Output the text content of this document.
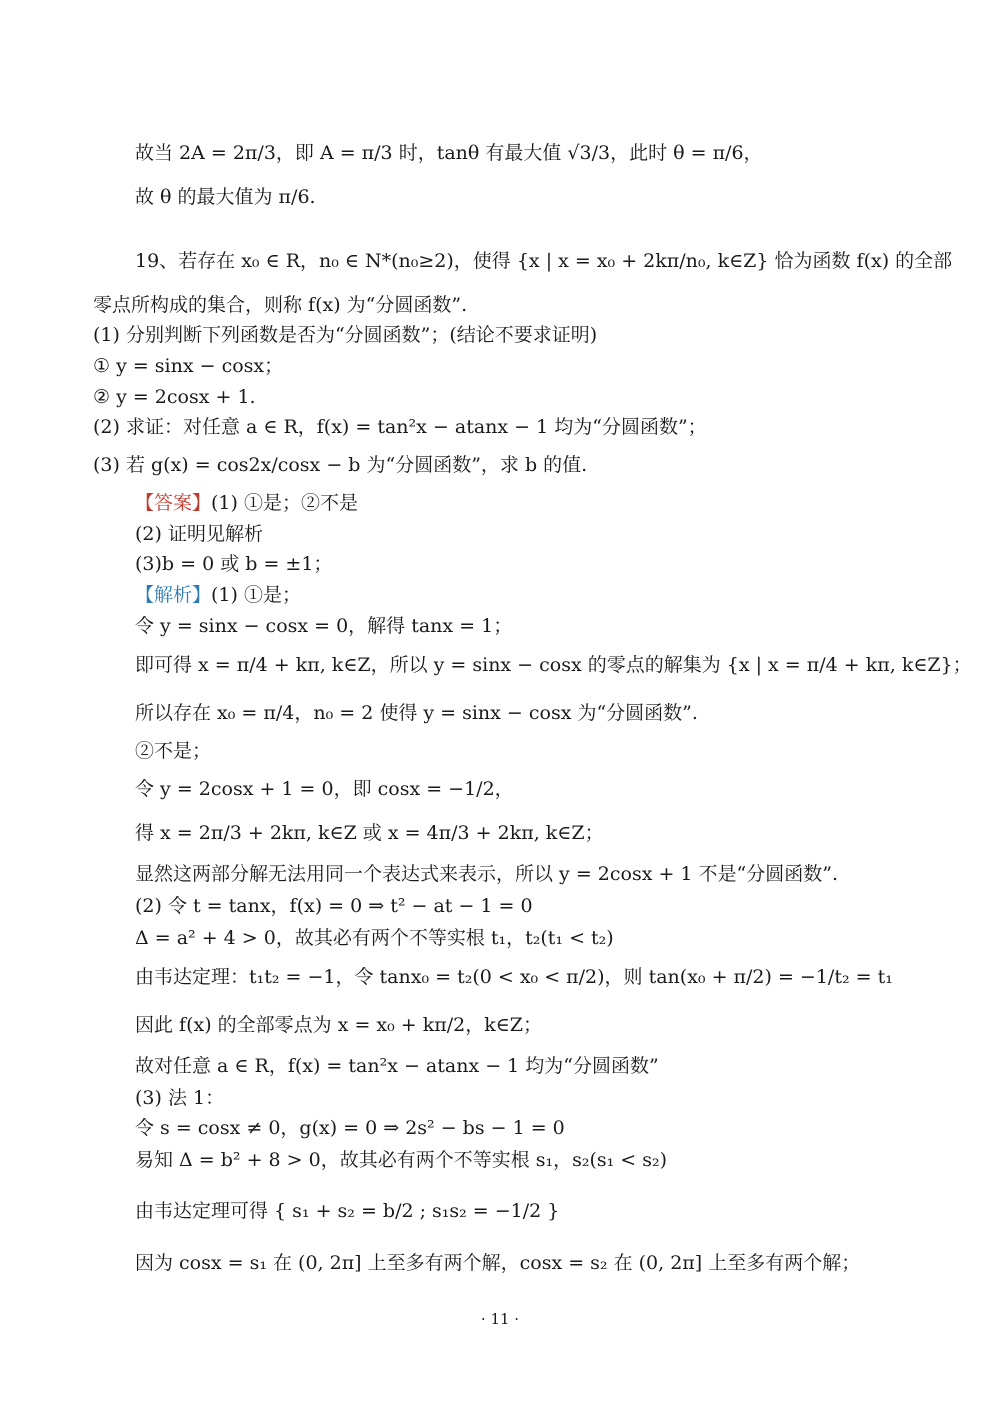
故当 2A = 2π/3，即 A = π/3 时，tanθ 有最大值 √3/3，此时 θ = π/6，
故 θ 的最大值为 π/6.
19、若存在 x₀ ∈ R，n₀ ∈ N*(n₀≥2)，使得 {x | x = x₀ + 2kπ/n₀, k∈Z} 恰为函数 f(x) 的全部
零点所构成的集合，则称 f(x) 为“分圆函数”.
(1) 分别判断下列函数是否为“分圆函数”；(结论不要求证明)
① y = sinx − cosx；
② y = 2cosx + 1.
(2) 求证：对任意 a ∈ R，f(x) = tan²x − atanx − 1 均为“分圆函数”；
(3) 若 g(x) = cos2x/cosx − b 为“分圆函数”，求 b 的值.
【答案】(1) ①是；②不是
(2) 证明见解析
(3)b = 0 或 b = ±1；
【解析】(1) ①是；
令 y = sinx − cosx = 0，解得 tanx = 1；
即可得 x = π/4 + kπ, k∈Z，所以 y = sinx − cosx 的零点的解集为 {x | x = π/4 + kπ, k∈Z}；
所以存在 x₀ = π/4，n₀ = 2 使得 y = sinx − cosx 为“分圆函数”.
②不是；
令 y = 2cosx + 1 = 0，即 cosx = −1/2，
得 x = 2π/3 + 2kπ, k∈Z 或 x = 4π/3 + 2kπ, k∈Z；
显然这两部分解无法用同一个表达式来表示，所以 y = 2cosx + 1 不是“分圆函数”.
(2) 令 t = tanx，f(x) = 0 ⇒ t² − at − 1 = 0
Δ = a² + 4 > 0，故其必有两个不等实根 t₁，t₂(t₁ < t₂)
由韦达定理：t₁t₂ = −1，令 tanx₀ = t₂(0 < x₀ < π/2)，则 tan(x₀ + π/2) = −1/t₂ = t₁
因此 f(x) 的全部零点为 x = x₀ + kπ/2，k∈Z；
故对任意 a ∈ R，f(x) = tan²x − atanx − 1 均为“分圆函数”
(3) 法 1：
令 s = cosx ≠ 0，g(x) = 0 ⇒ 2s² − bs − 1 = 0
易知 Δ = b² + 8 > 0，故其必有两个不等实根 s₁，s₂(s₁ < s₂)
由韦达定理可得 { s₁ + s₂ = b/2 ; s₁s₂ = −1/2 }
因为 cosx = s₁ 在 (0, 2π] 上至多有两个解，cosx = s₂ 在 (0, 2π] 上至多有两个解；
· 11 ·
